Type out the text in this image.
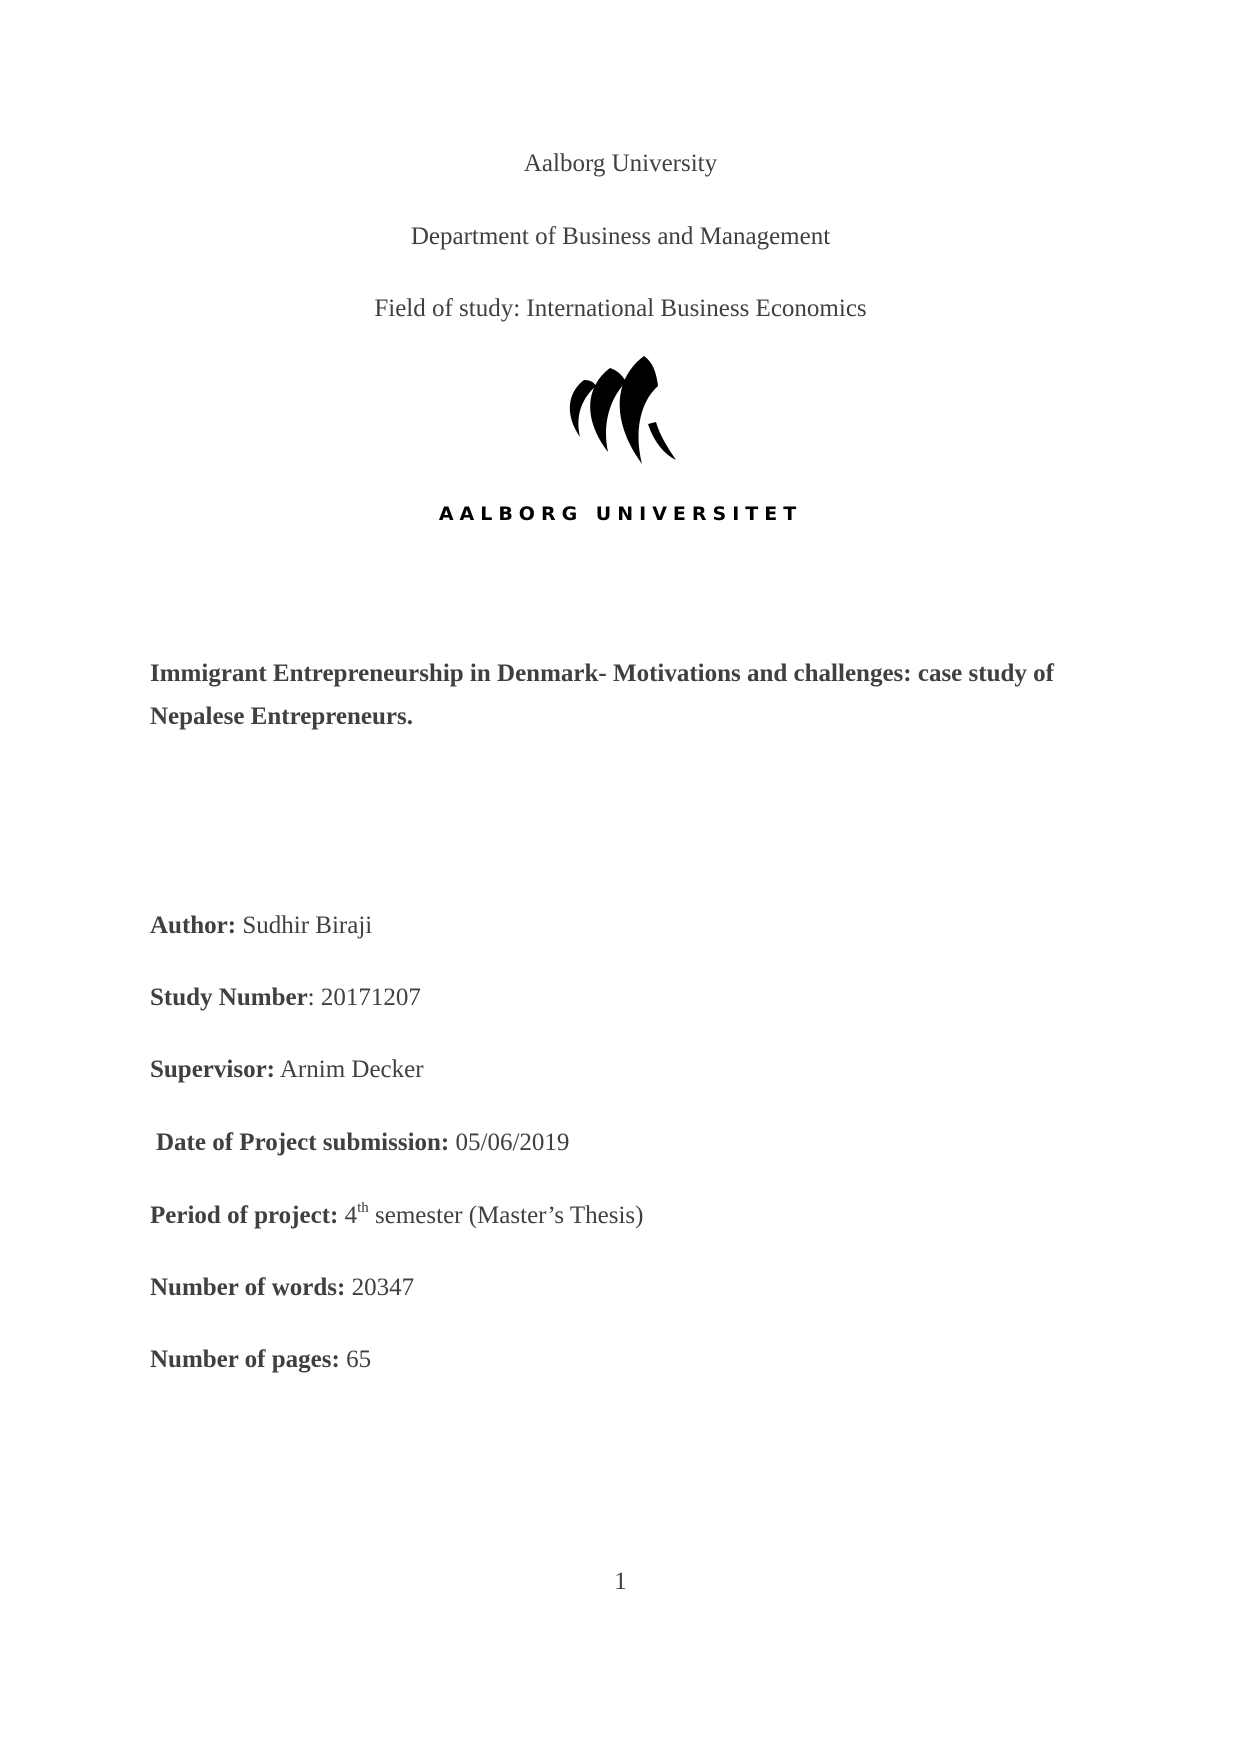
Aalborg University
Department of Business and Management
Field of study: International Business Economics
AALBORG UNIVERSITET
Immigrant Entrepreneurship in Denmark- Motivations and challenges: case study of
Nepalese Entrepreneurs.
Author: Sudhir Biraji
Study Number: 20171207
Supervisor: Arnim Decker
Date of Project submission: 05/06/2019
Period of project: 4th semester (Master’s Thesis)
Number of words: 20347
Number of pages: 65
1
